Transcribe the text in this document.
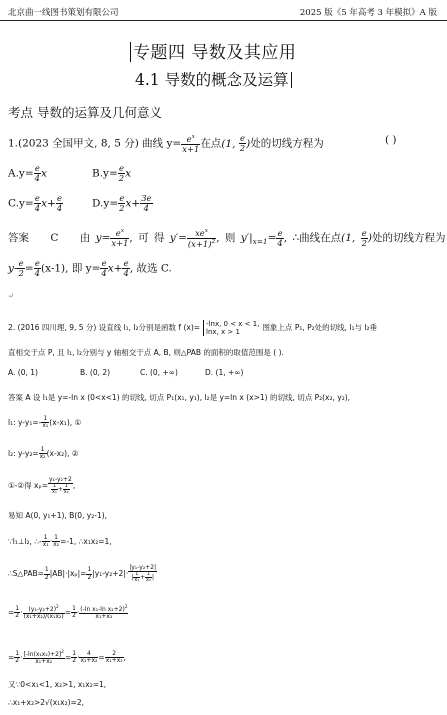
北京曲一线图书策划有限公司	2025 版《5 年高考 3 年模拟》A 版
专题四 导数及其应用
4.1 导数的概念及运算
考点 导数的运算及几何意义
1.(2023 全国甲文, 8, 5 分) 曲线 $y= \frac{e^x}{x+1}$ 在点(1, $\frac{e}{2}$ )处的切线方程为	( )
$A.y= \frac{e}{4}$ x	$B.y= \frac{e}{2}$ x
$C.y= \frac{e}{4} x+ \frac{e}{4}$	$D.y= \frac{e}{2} x+ \frac{3e}{4}$
答案 C 由 $y= \frac{e^x}{x+1}$ , 可 得 $y'= \frac{xe^x}{(x+1)^2}$ , 则 $y'|_{x=1}= \frac{e}{4}$ , ∴曲线在点(1, $\frac{e}{2}$ )处的切线方程为
$y- \frac{e}{2} = \frac{e}{4} (x-1)$, 即 $y= \frac{e}{4} x+ \frac{e}{4}$ , 故选 C.
↵
2. (2016 四川理, 9, 5 分) 设直线 l₁, l₂分别是函数 f (x)= -lnx, 0 < x < 1,
lnx, x > 1	图象上点 P₁, P₂处的切线, l₁与 l₂垂
直相交于点 P, 且 l₁, l₂分别与 y 轴相交于点 A, B, 则△PAB 的面积的取值范围是 ( ).
A. (0, 1)	B. (0, 2)	C. (0, +∞)	D. (1, +∞)
答案 A 设 l₁是 y=-ln x (0<x<1) 的切线, 切点 P₁(x₁, y₁), l₂是 y=ln x (x>1) 的切线, 切点 P₂(x₂, y₂),
l₁: $y-y_1=- \frac{1}{\text{x₁}} (x-x_1)$, ①
l₂: $y-y_2= \frac{1}{\text{x₂}} (x-x_2)$, ②
①-②得 $x_p= \frac{\text{y₁-y₂+2}}{\frac{1}{\text{x₁}} + \frac{1}{\text{x₂}}}$ ,
易知 A(0, y₁+1), B(0, y₂-1),
∵l₁⊥l₂, ∴- $\frac{1}{\text{x₁}} \cdot \frac{1}{\text{x₂}} =-1$, ∴x₁x₂=1,
∴S△PAB= $\frac{1}{2} |AB|\cdot|x_p|= \frac{1}{2} |y_1-y_2+2|\cdot \frac{\text{|y₁-y₂+2|}}{| \frac{1}{\text{x₁}} + \frac{1}{\text{x₂}} |}$
= $\frac{1}{2} \cdot \frac{(y_1-y_2+2)^2}{\text{(x₁+x₂)/(x₁x₂)}} = \frac{1}{2} \cdot \frac{(-\ln x_1-\ln x_2+2)^2}{\text{x₁+x₂}}$
= $\frac{1}{2} \cdot \frac{[-\ln(x_1x_2)+2]^2}{\text{x₁+x₂}} = \frac{1}{2} \cdot \frac{4}{\text{x₁+x₂}} = \frac{2}{\text{x₁+x₂}}$ ,
又∵0<x₁<1, x₂>1, x₁x₂=1,
∴x₁+x₂>2√(x₁x₂)=2,
